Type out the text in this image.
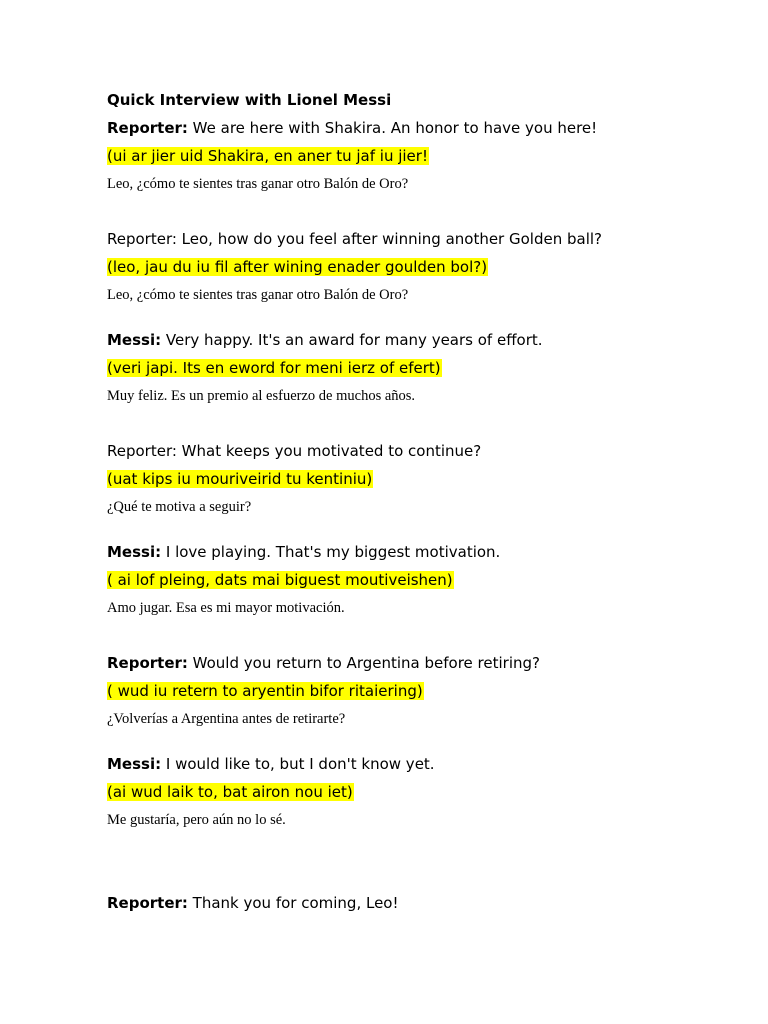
Quick Interview with Lionel Messi
Reporter: We are here with Shakira. An honor to have you here!
(ui ar jier uid Shakira, en aner tu jaf iu jier!
Leo, ¿cómo te sientes tras ganar otro Balón de Oro?
Reporter: Leo, how do you feel after winning another Golden ball?
(leo, jau du iu fil after wining enader goulden bol?)
Leo, ¿cómo te sientes tras ganar otro Balón de Oro?
Messi: Very happy. It's an award for many years of effort.
(veri japi. Its en eword for meni ierz of efert)
Muy feliz. Es un premio al esfuerzo de muchos años.
Reporter: What keeps you motivated to continue?
(uat kips iu mouriveirid tu kentiniu)
¿Qué te motiva a seguir?
Messi: I love playing. That's my biggest motivation.
( ai lof pleing, dats mai biguest moutiveishen)
Amo jugar. Esa es mi mayor motivación.
Reporter: Would you return to Argentina before retiring?
( wud iu retern to aryentin bifor ritaiering)
¿Volverías a Argentina antes de retirarte?
Messi: I would like to, but I don't know yet.
(ai wud laik to, bat airon nou iet)
Me gustaría, pero aún no lo sé.
Reporter: Thank you for coming, Leo!
